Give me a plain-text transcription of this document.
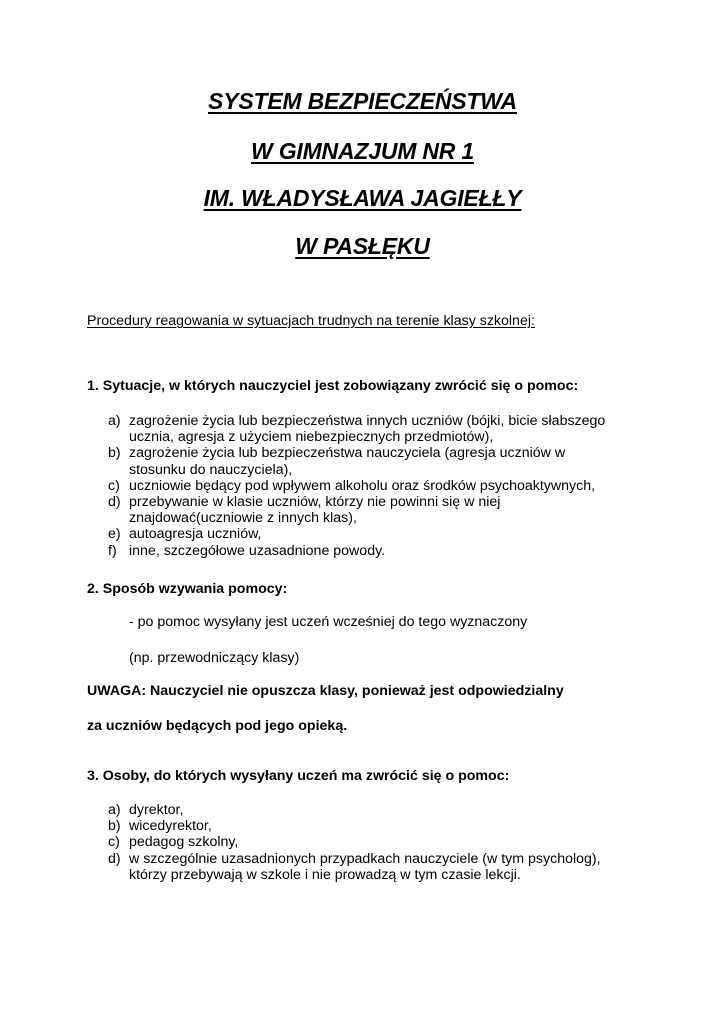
SYSTEM BEZPIECZEŃSTWA
W GIMNAZJUM NR 1
IM. WŁADYSŁAWA JAGIEŁŁY
W PASŁĘKU
Procedury reagowania w sytuacjach trudnych na terenie klasy szkolnej:
1. Sytuacje, w których nauczyciel jest zobowiązany zwrócić się o pomoc:
a) zagrożenie życia lub bezpieczeństwa innych uczniów (bójki, bicie słabszego
ucznia, agresja z użyciem niebezpiecznych przedmiotów),
b) zagrożenie życia lub bezpieczeństwa nauczyciela (agresja uczniów w
stosunku do nauczyciela),
c) uczniowie będący pod wpływem alkoholu oraz środków psychoaktywnych,
d) przebywanie w klasie uczniów, którzy nie powinni się w niej
znajdować(uczniowie z innych klas),
e) autoagresja uczniów,
f) inne, szczegółowe uzasadnione powody.
2. Sposób wzywania pomocy:
- po pomoc wysyłany jest uczeń wcześniej do tego wyznaczony
(np. przewodniczący klasy)
UWAGA: Nauczyciel nie opuszcza klasy, ponieważ jest odpowiedzialny
za uczniów będących pod jego opieką.
3. Osoby, do których wysyłany uczeń ma zwrócić się o pomoc:
a) dyrektor,
b) wicedyrektor,
c) pedagog szkolny,
d) w szczególnie uzasadnionych przypadkach nauczyciele (w tym psycholog),
którzy przebywają w szkole i nie prowadzą w tym czasie lekcji.
